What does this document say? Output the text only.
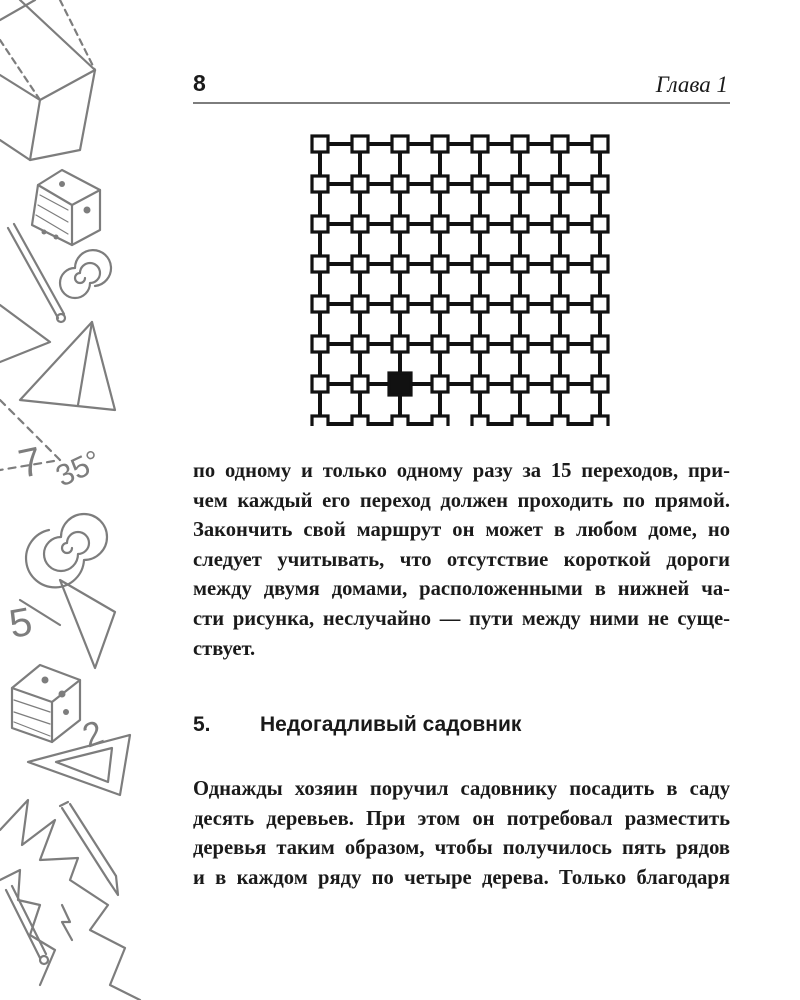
7 35°
5
2
8	Глава 1
по одному и только одному разу за 15 переходов, при-
чем каждый его переход должен проходить по прямой.
Закончить свой маршрут он может в любом доме, но
следует учитывать, что отсутствие короткой дороги
между двумя домами, расположенными в нижней ча-
сти рисунка, неслучайно — пути между ними не суще-
ствует.
5. Недогадливый садовник
Однажды хозяин поручил садовнику посадить в саду
десять деревьев. При этом он потребовал разместить
деревья таким образом, чтобы получилось пять рядов
и в каждом ряду по четыре дерева. Только благодаря
